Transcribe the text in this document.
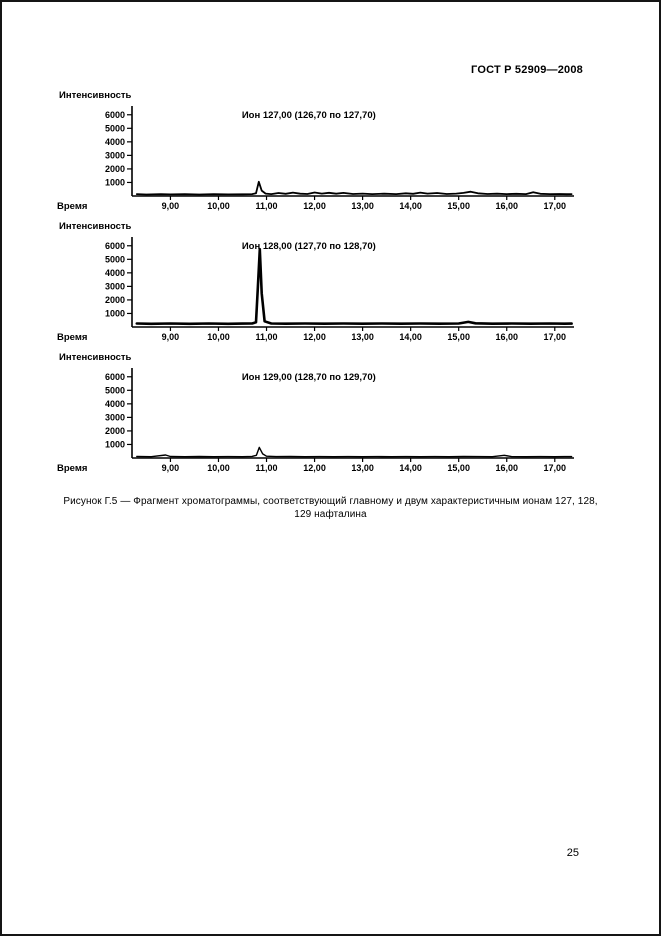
ГОСТ Р 52909—2008
Интенсивность
1000
2000
3000
4000
5000
6000
9,00	10,00	11,00	12,00	13,00	14,00	15,00	16,00	17,00
Время
Ион 127,00 (126,70 по 127,70)
Интенсивность
1000
2000
3000
4000
5000
6000
9,00	10,00	11,00	12,00	13,00	14,00	15,00	16,00	17,00
Время
Ион 128,00 (127,70 по 128,70)
Интенсивность
1000
2000
3000
4000
5000
6000
9,00	10,00	11,00	12,00	13,00	14,00	15,00	16,00	17,00
Время
Ион 129,00 (128,70 по 129,70)
Рисунок Г.5 — Фрагмент хроматограммы, соответствующий главному и двум характеристичным ионам 127, 128,
129 нафталина
25
